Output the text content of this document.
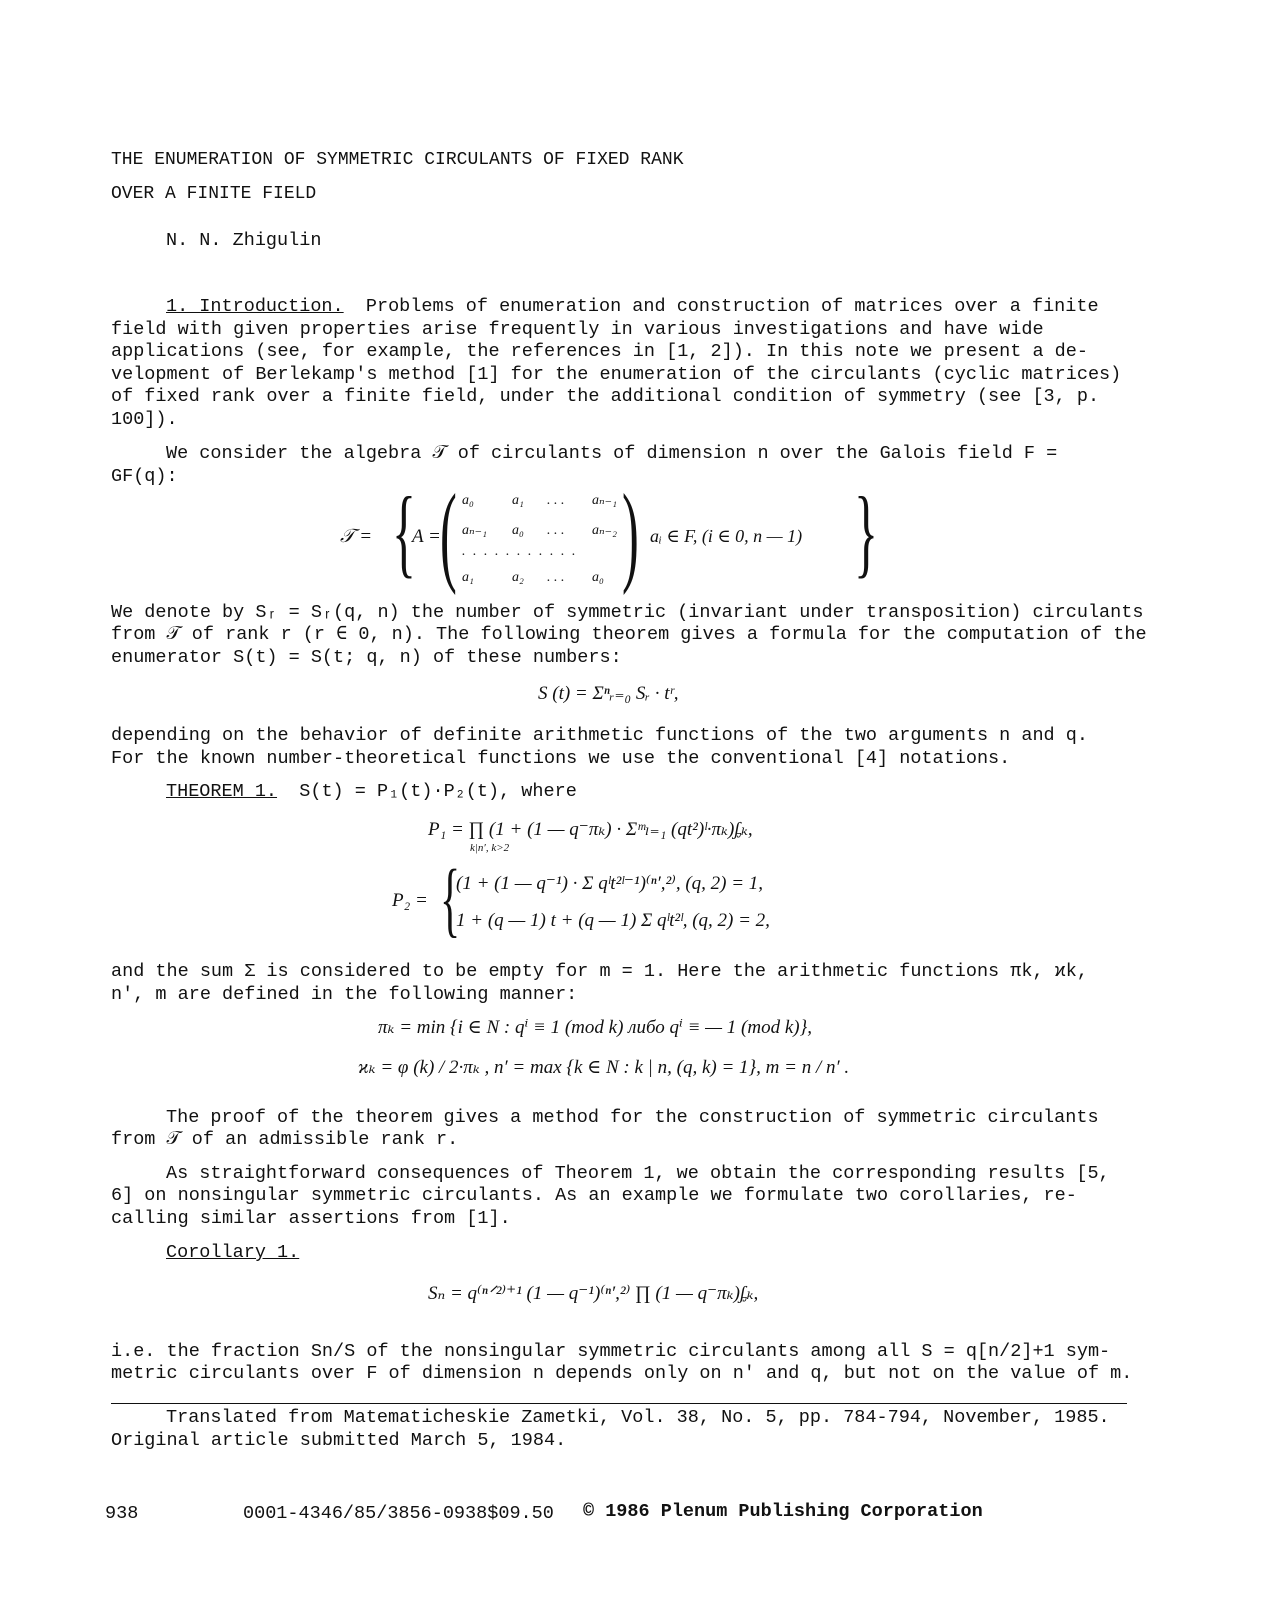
THE ENUMERATION OF SYMMETRIC CIRCULANTS OF FIXED RANK
OVER A FINITE FIELD
N. N. Zhigulin
1. Introduction. Problems of enumeration and construction of matrices over a finite
field with given properties arise frequently in various investigations and have wide
applications (see, for example, the references in [1, 2]). In this note we present a de-
velopment of Berlekamp's method [1] for the enumeration of the circulants (cyclic matrices)
of fixed rank over a finite field, under the additional condition of symmetry (see [3, p.
100]).
We consider the algebra 𝒯 of circulants of dimension n over the Galois field F =
GF(q):
𝒯 = {
A = ( a₀	a₁ . . . aₙ₋₁
aₙ₋₁ a₀ . . . aₙ₋₂
. . . . . . . . . . .
a₁	a₂ . . . a₀ ) aᵢ ∈ F, (i ∈ 0, n — 1) }
We denote by Sᵣ = Sᵣ(q, n) the number of symmetric (invariant under transposition) circulants
from 𝒯 of rank r (r ∈ 0, n). The following theorem gives a formula for the computation of the
enumerator S(t) = S(t; q, n) of these numbers:
S (t) = Σⁿᵣ₌₀ Sᵣ · tʳ,
depending on the behavior of definite arithmetic functions of the two arguments n and q.
For the known number-theoretical functions we use the conventional [4] notations.
THEOREM 1. S(t) = P₁(t)·P₂(t), where
P₁ = ∏ (1 + (1 — q⁻πₖ) · Σᵐₗ₌₁ (qt²)ˡ·πₖ)ᶋₖ,
k|n′, k>2
P₂ = {
(1 + (1 — q⁻¹) · Σ qˡt²ˡ⁻¹)⁽ⁿ′,²⁾, (q, 2) = 1,
1 + (q — 1) t + (q — 1) Σ qˡt²ˡ, (q, 2) = 2,
and the sum Σ is considered to be empty for m = 1. Here the arithmetic functions πk, ϰk,
n', m are defined in the following manner:
πₖ = min {i ∈ N : qⁱ ≡ 1 (mod k) либо qⁱ ≡ — 1 (mod k)},
ϰₖ = φ (k) / 2·πₖ , n′ = max {k ∈ N : k | n, (q, k) = 1}, m = n / n′ .
The proof of the theorem gives a method for the construction of symmetric circulants
from 𝒯 of an admissible rank r.
As straightforward consequences of Theorem 1, we obtain the corresponding results [5,
6] on nonsingular symmetric circulants. As an example we formulate two corollaries, re-
calling similar assertions from [1].
Corollary 1.
Sₙ = q⁽ⁿᐟ²⁾⁺¹ (1 — q⁻¹)⁽ⁿ′,²⁾ ∏ (1 — q⁻πₖ)ᶋₖ,
i.e. the fraction Sn/S of the nonsingular symmetric circulants among all S = q[n/2]+1 sym-
metric circulants over F of dimension n depends only on n' and q, but not on the value of m.
Translated from Matematicheskie Zametki, Vol. 38, No. 5, pp. 784-794, November, 1985.
Original article submitted March 5, 1984.
938	0001-4346/85/3856-0938$09.50 © 1986 Plenum Publishing Corporation
